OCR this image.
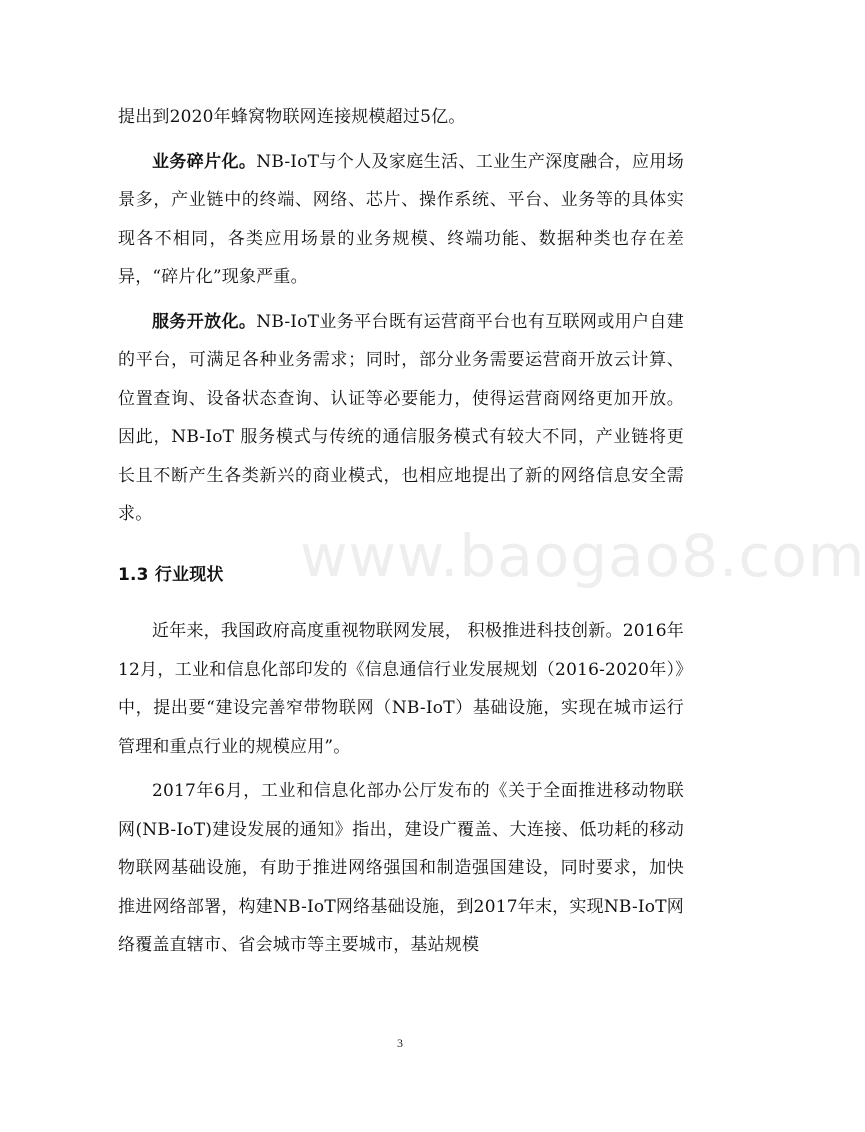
提出到2020年蜂窝物联网连接规模超过5亿。

业务碎片化。NB-IoT与个人及家庭生活、工业生产深度融合，应用场景多，产业链中的终端、网络、芯片、操作系统、平台、业务等的具体实现各不相同，各类应用场景的业务规模、终端功能、数据种类也存在差异，“碎片化”现象严重。

服务开放化。NB-IoT业务平台既有运营商平台也有互联网或用户自建的平台，可满足各种业务需求；同时，部分业务需要运营商开放云计算、位置查询、设备状态查询、认证等必要能力，使得运营商网络更加开放。因此，NB-IoT 服务模式与传统的通信服务模式有较大不同，产业链将更长且不断产生各类新兴的商业模式，也相应地提出了新的网络信息安全需求。

1.3 行业现状

近年来，我国政府高度重视物联网发展， 积极推进科技创新。2016年12月，工业和信息化部印发的《信息通信行业发展规划（2016-2020年）》中，提出要“建设完善窄带物联网（NB-IoT）基础设施，实现在城市运行管理和重点行业的规模应用”。

2017年6月，工业和信息化部办公厅发布的《关于全面推进移动物联网(NB-IoT)建设发展的通知》指出，建设广覆盖、大连接、低功耗的移动物联网基础设施，有助于推进网络强国和制造强国建设，同时要求，加快推进网络部署，构建NB-IoT网络基础设施，到2017年末，实现NB-IoT网络覆盖直辖市、省会城市等主要城市，基站规模

www.baogao8.com
3
